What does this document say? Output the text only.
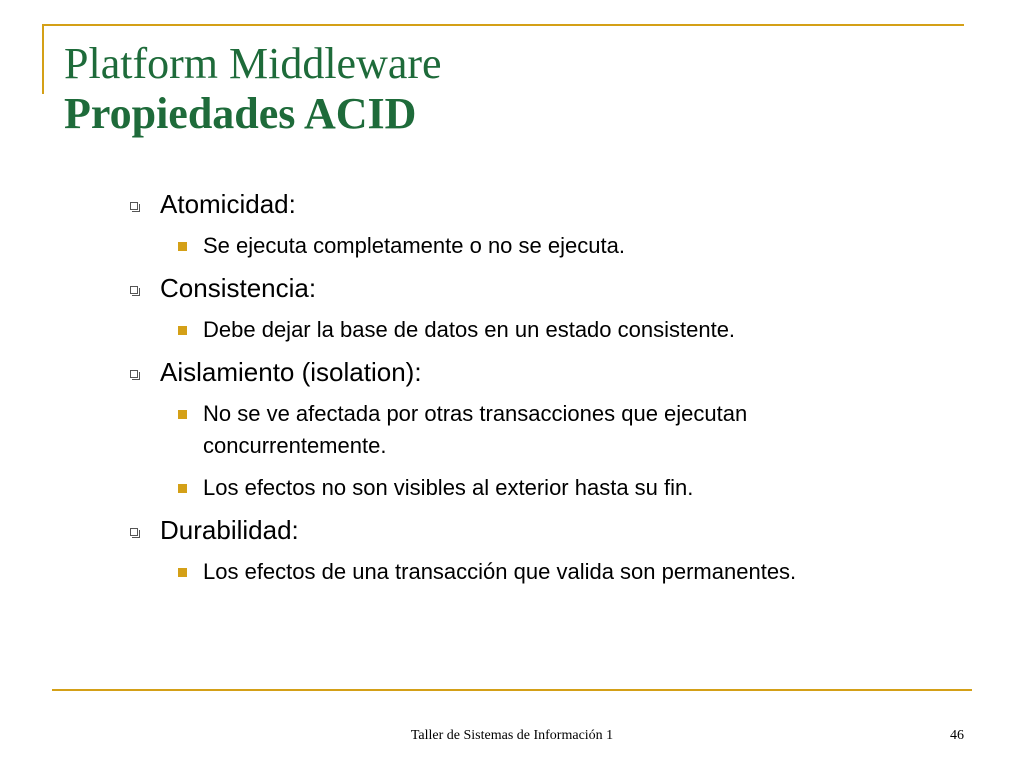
Platform Middleware
Propiedades ACID
Atomicidad:
Se ejecuta completamente o no se ejecuta.
Consistencia:
Debe dejar la base de datos en un estado consistente.
Aislamiento (isolation):
No se ve afectada por otras transacciones que ejecutan concurrentemente.
Los efectos no son visibles al exterior hasta su fin.
Durabilidad:
Los efectos de una transacción que valida son permanentes.
Taller de Sistemas de Información 1	46
